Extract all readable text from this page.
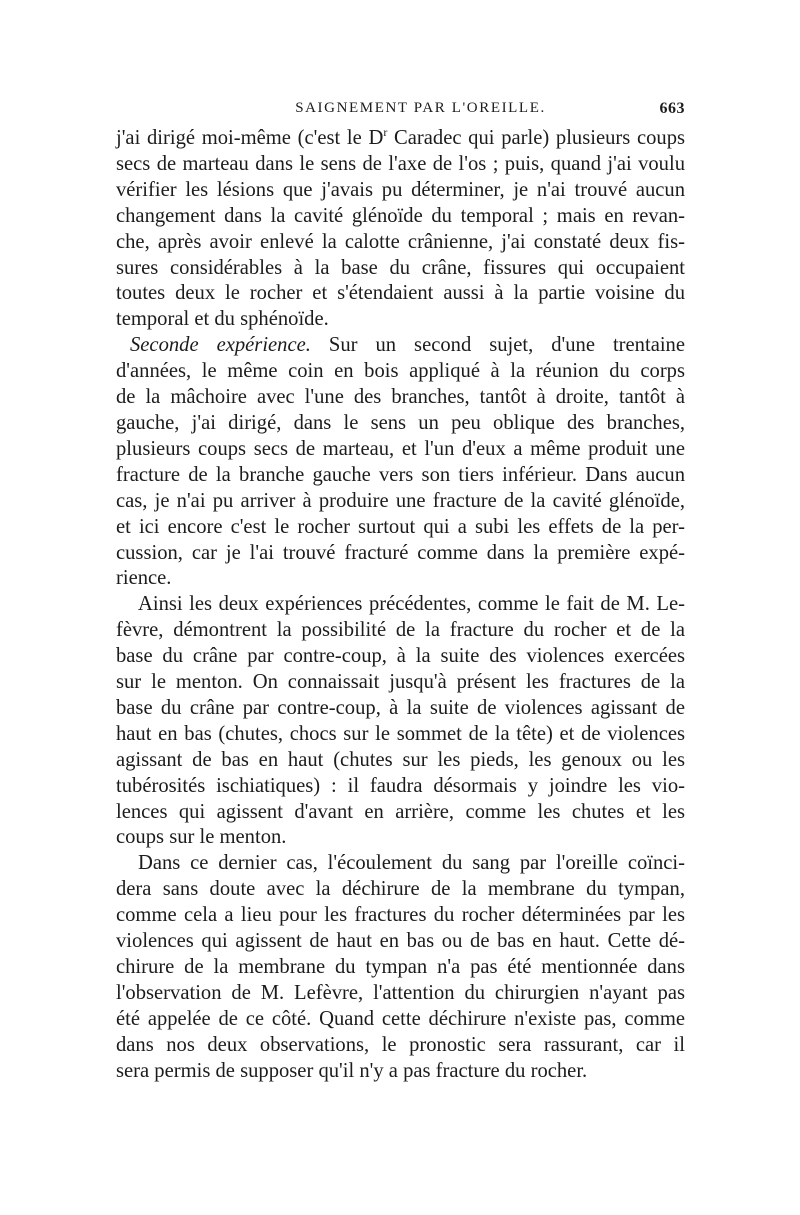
SAIGNEMENT PAR L'OREILLE.	663

j'ai dirigé moi-même (c'est le $D^r$ Caradec qui parle) plusieurs coups

secs de marteau dans le sens de l'axe de l'os ; puis, quand j'ai voulu

vérifier les lésions que j'avais pu déterminer, je n'ai trouvé aucun

changement dans la cavité glénoïde du temporal ; mais en revan-

che, après avoir enlevé la calotte crânienne, j'ai constaté deux fis-

sures considérables à la base du crâne, fissures qui occupaient

toutes deux le rocher et s'étendaient aussi à la partie voisine du

temporal et du sphénoïde.

Seconde expérience. Sur un second sujet, d'une trentaine

d'années, le même coin en bois appliqué à la réunion du corps

de la mâchoire avec l'une des branches, tantôt à droite, tantôt à

gauche, j'ai dirigé, dans le sens un peu oblique des branches,

plusieurs coups secs de marteau, et l'un d'eux a même produit une

fracture de la branche gauche vers son tiers inférieur. Dans aucun

cas, je n'ai pu arriver à produire une fracture de la cavité glénoïde,

et ici encore c'est le rocher surtout qui a subi les effets de la per-

cussion, car je l'ai trouvé fracturé comme dans la première expé-

rience.

Ainsi les deux expériences précédentes, comme le fait de M. Le-

fèvre, démontrent la possibilité de la fracture du rocher et de la

base du crâne par contre-coup, à la suite des violences exercées

sur le menton. On connaissait jusqu'à présent les fractures de la

base du crâne par contre-coup, à la suite de violences agissant de

haut en bas (chutes, chocs sur le sommet de la tête) et de violences

agissant de bas en haut (chutes sur les pieds, les genoux ou les

tubérosités ischiatiques) : il faudra désormais y joindre les vio-

lences qui agissent d'avant en arrière, comme les chutes et les

coups sur le menton.

Dans ce dernier cas, l'écoulement du sang par l'oreille coïnci-

dera sans doute avec la déchirure de la membrane du tympan,

comme cela a lieu pour les fractures du rocher déterminées par les

violences qui agissent de haut en bas ou de bas en haut. Cette dé-

chirure de la membrane du tympan n'a pas été mentionnée dans

l'observation de M. Lefèvre, l'attention du chirurgien n'ayant pas

été appelée de ce côté. Quand cette déchirure n'existe pas, comme

dans nos deux observations, le pronostic sera rassurant, car il

sera permis de supposer qu'il n'y a pas fracture du rocher.
